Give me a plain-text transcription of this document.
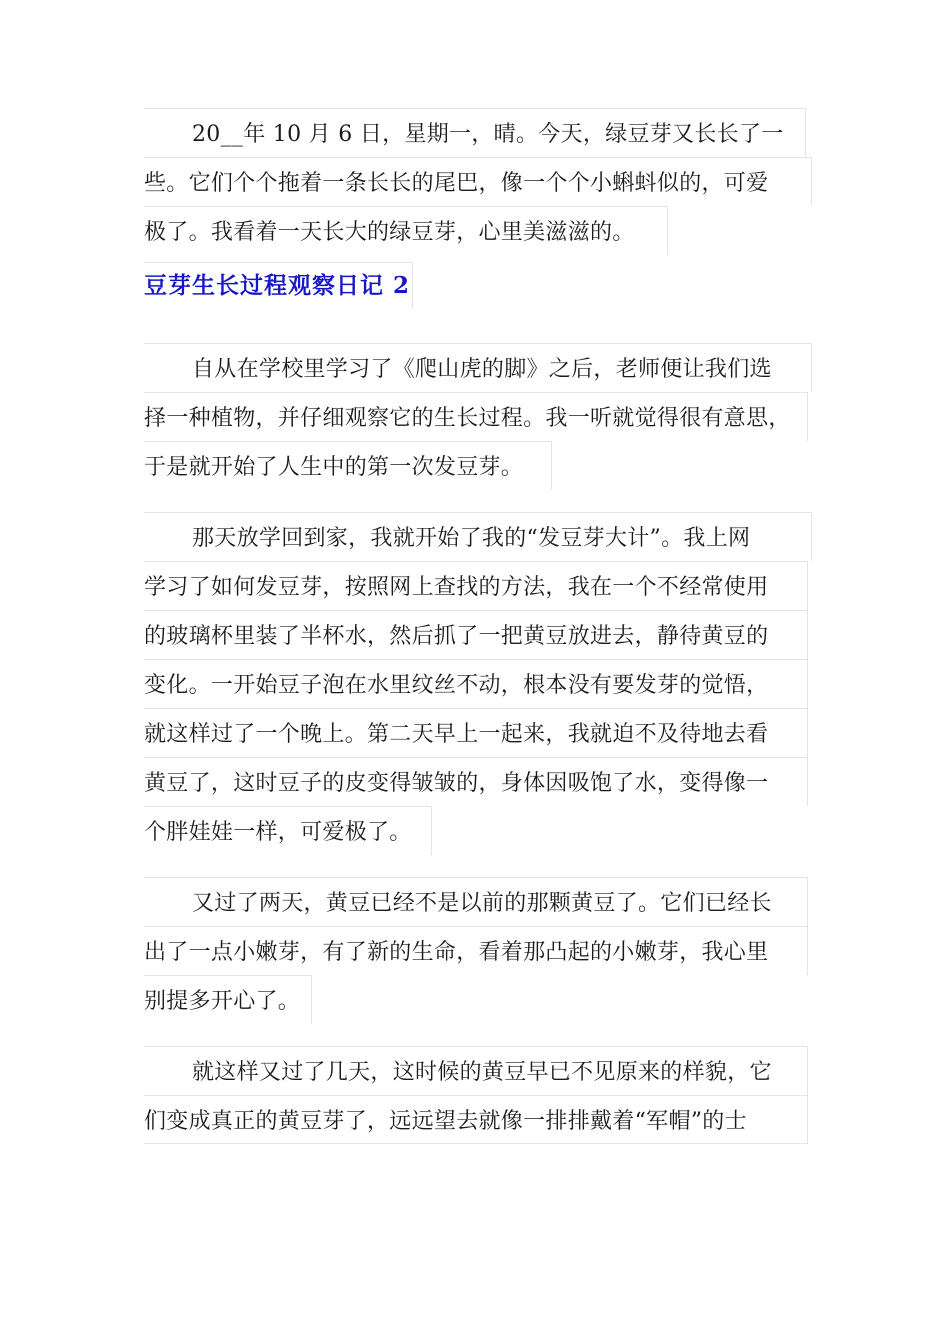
20__年 10 月 6 日，星期一，晴。今天，绿豆芽又长长了一
些。它们个个拖着一条长长的尾巴，像一个个小蝌蚪似的，可爱
极了。我看着一天长大的绿豆芽，心里美滋滋的。
豆芽生长过程观察日记 2
自从在学校里学习了《爬山虎的脚》之后，老师便让我们选
择一种植物，并仔细观察它的生长过程。我一听就觉得很有意思，
于是就开始了人生中的第一次发豆芽。
那天放学回到家，我就开始了我的“发豆芽大计”。我上网
学习了如何发豆芽，按照网上查找的方法，我在一个不经常使用
的玻璃杯里装了半杯水，然后抓了一把黄豆放进去，静待黄豆的
变化。一开始豆子泡在水里纹丝不动，根本没有要发芽的觉悟，
就这样过了一个晚上。第二天早上一起来，我就迫不及待地去看
黄豆了，这时豆子的皮变得皱皱的，身体因吸饱了水，变得像一
个胖娃娃一样，可爱极了。
又过了两天，黄豆已经不是以前的那颗黄豆了。它们已经长
出了一点小嫩芽，有了新的生命，看着那凸起的小嫩芽，我心里
别提多开心了。
就这样又过了几天，这时候的黄豆早已不见原来的样貌，它
们变成真正的黄豆芽了，远远望去就像一排排戴着“军帽”的士
